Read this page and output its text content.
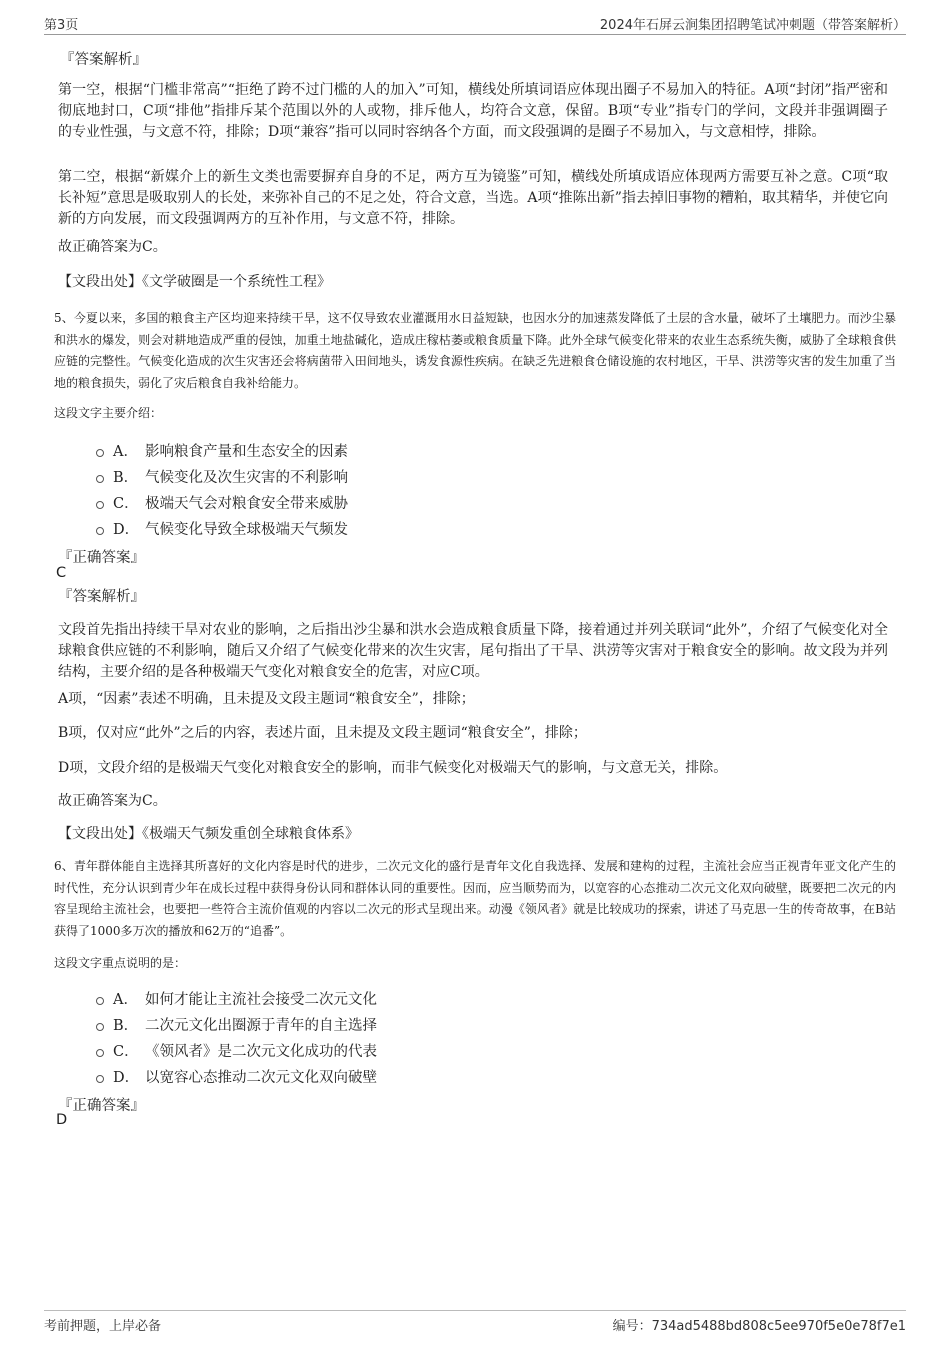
第3页	2024年石屏云涧集团招聘笔试冲刺题（带答案解析）
『答案解析』
第一空，根据“门槛非常高”“拒绝了跨不过门槛的人的加入”可知，横线处所填词语应体现出圈子不易加入的特征。A项“封闭”指严密和彻底地封口，C项“排他”指排斥某个范围以外的人或物，排斥他人，均符合文意，保留。B项“专业”指专门的学问，文段并非强调圈子的专业性强，与文意不符，排除；D项“兼容”指可以同时容纳各个方面，而文段强调的是圈子不易加入，与文意相悖，排除。
第二空，根据“新媒介上的新生文类也需要摒弃自身的不足，两方互为镜鉴”可知，横线处所填成语应体现两方需要互补之意。C项“取长补短”意思是吸取别人的长处，来弥补自己的不足之处，符合文意，当选。A项“推陈出新”指去掉旧事物的糟粕，取其精华，并使它向新的方向发展，而文段强调两方的互补作用，与文意不符，排除。
故正确答案为C。
【文段出处】《文学破圈是一个系统性工程》
5、今夏以来，多国的粮食主产区均迎来持续干旱，这不仅导致农业灌溉用水日益短缺，也因水分的加速蒸发降低了土层的含水量，破坏了土壤肥力。而沙尘暴和洪水的爆发，则会对耕地造成严重的侵蚀，加重土地盐碱化，造成庄稼枯萎或粮食质量下降。此外全球气候变化带来的农业生态系统失衡，威胁了全球粮食供应链的完整性。气候变化造成的次生灾害还会将病菌带入田间地头，诱发食源性疾病。在缺乏先进粮食仓储设施的农村地区，干旱、洪涝等灾害的发生加重了当地的粮食损失，弱化了灾后粮食自我补给能力。
这段文字主要介绍：
A． 影响粮食产量和生态安全的因素
B． 气候变化及次生灾害的不利影响
C． 极端天气会对粮食安全带来威胁
D． 气候变化导致全球极端天气频发
『正确答案』
C
『答案解析』
文段首先指出持续干旱对农业的影响，之后指出沙尘暴和洪水会造成粮食质量下降，接着通过并列关联词“此外”，介绍了气候变化对全球粮食供应链的不利影响，随后又介绍了气候变化带来的次生灾害，尾句指出了干旱、洪涝等灾害对于粮食安全的影响。故文段为并列结构，主要介绍的是各种极端天气变化对粮食安全的危害，对应C项。
A项，“因素”表述不明确，且未提及文段主题词“粮食安全”，排除；
B项，仅对应“此外”之后的内容，表述片面，且未提及文段主题词“粮食安全”，排除；
D项，文段介绍的是极端天气变化对粮食安全的影响，而非气候变化对极端天气的影响，与文意无关，排除。
故正确答案为C。
【文段出处】《极端天气频发重创全球粮食体系》
6、青年群体能自主选择其所喜好的文化内容是时代的进步，二次元文化的盛行是青年文化自我选择、发展和建构的过程，主流社会应当正视青年亚文化产生的时代性，充分认识到青少年在成长过程中获得身份认同和群体认同的重要性。因而，应当顺势而为，以宽容的心态推动二次元文化双向破壁，既要把二次元的内容呈现给主流社会，也要把一些符合主流价值观的内容以二次元的形式呈现出来。动漫《领风者》就是比较成功的探索，讲述了马克思一生的传奇故事，在B站获得了1000多万次的播放和62万的“追番”。
这段文字重点说明的是：
A． 如何才能让主流社会接受二次元文化
B． 二次元文化出圈源于青年的自主选择
C． 《领风者》是二次元文化成功的代表
D． 以宽容心态推动二次元文化双向破壁
『正确答案』
D
考前押题，上岸必备	编号：734ad5488bd808c5ee970f5e0e78f7e1
